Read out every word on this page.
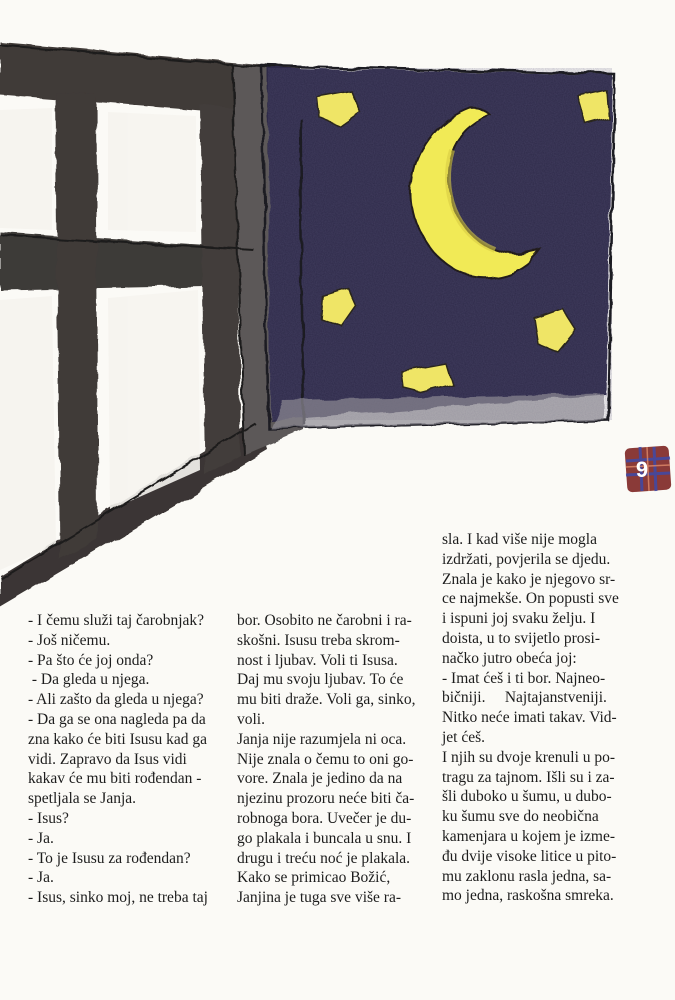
9

- I čemu služi taj čarobnjak?

- Još ničemu.

- Pa što će joj onda?

- Da gleda u njega.

- Ali zašto da gleda u njega?

- Da ga se ona nagleda pa da

zna kako će biti Isusu kad ga

vidi. Zapravo da Isus vidi

kakav će mu biti rođendan -

spetljala se Janja.

- Isus?

- Ja.

- To je Isusu za rođendan?

- Ja.

- Isus, sinko moj, ne treba taj

bor. Osobito ne čarobni i ra-

skošni. Isusu treba skrom-

nost i ljubav. Voli ti Isusa.

Daj mu svoju ljubav. To će

mu biti draže. Voli ga, sinko,

voli.

Janja nije razumjela ni oca.

Nije znala o čemu to oni go-

vore. Znala je jedino da na

njezinu prozoru neće biti ča-

robnoga bora. Uvečer je du-

go plakala i buncala u snu. I

drugu i treću noć je plakala.

Kako se primicao Božić,

Janjina je tuga sve više ra-

sla. I kad više nije mogla

izdržati, povjerila se djedu.

Znala je kako je njegovo sr-

ce najmekše. On popusti sve

i ispuni joj svaku želju. I

doista, u to svijetlo prosi-

načko jutro obeća joj:

- Imat ćeš i ti bor. Najneo-

bičniji.     Najtajanstveniji.

Nitko neće imati takav. Vid-

jet ćeš.

I njih su dvoje krenuli u po-

tragu za tajnom. Išli su i za-

šli duboko u šumu, u dubo-

ku šumu sve do neobična

kamenjara u kojem je izme-

đu dvije visoke litice u pito-

mu zaklonu rasla jedna, sa-

mo jedna, raskošna smreka.
